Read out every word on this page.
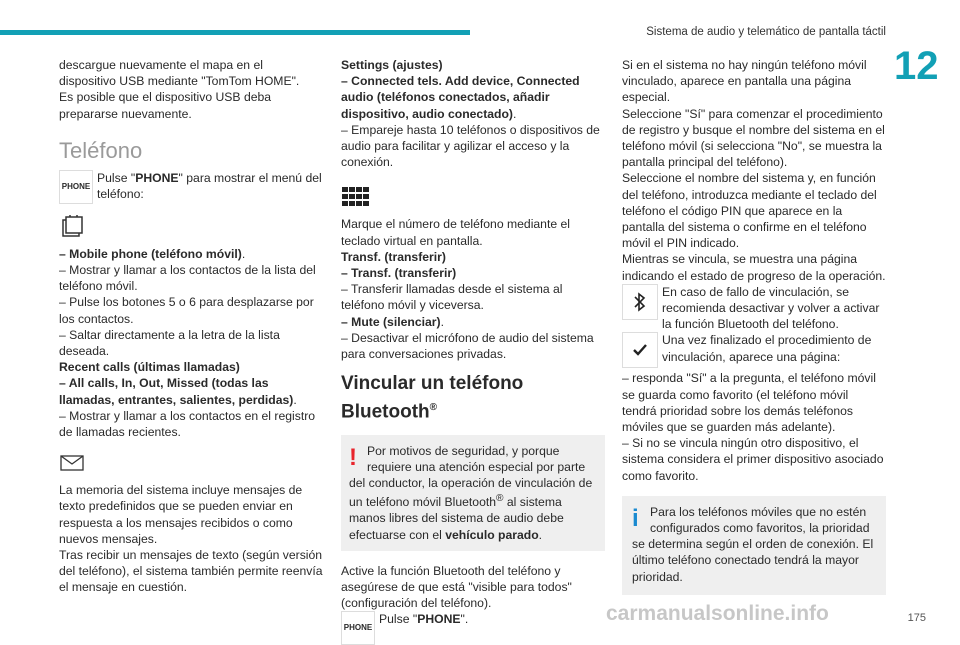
Sistema de audio y telemático de pantalla táctil
12

descargue nuevamente el mapa en el dispositivo USB mediante "TomTom HOME".

Es posible que el dispositivo USB deba prepararse nuevamente.

Teléfono
PHONE

Pulse "PHONE" para mostrar el menú del teléfono:

– Mobile phone (teléfono móvil).

– Mostrar y llamar a los contactos de la lista del teléfono móvil.

– Pulse los botones 5 o 6 para desplazarse por los contactos.

– Saltar directamente a la letra de la lista deseada.

Recent calls (últimas llamadas)

– All calls, In, Out, Missed (todas las llamadas, entrantes, salientes, perdidas).

– Mostrar y llamar a los contactos en el registro de llamadas recientes.

La memoria del sistema incluye mensajes de texto predefinidos que se pueden enviar en respuesta a los mensajes recibidos o como nuevos mensajes.

Tras recibir un mensajes de texto (según versión del teléfono), el sistema también permite reenvía el mensaje en cuestión.

Settings (ajustes)

– Connected tels. Add device, Connected audio (teléfonos conectados, añadir dispositivo, audio conectado).

– Empareje hasta 10 teléfonos o dispositivos de audio para facilitar y agilizar el acceso y la conexión.

Marque el número de teléfono mediante el teclado virtual en pantalla.

Transf. (transferir)

– Transf. (transferir)

– Transferir llamadas desde el sistema al teléfono móvil y viceversa.

– Mute (silenciar).

– Desactivar el micrófono de audio del sistema para conversaciones privadas.

Vincular un teléfono Bluetooth®
! Por motivos de seguridad, y porque requiere una atención especial por parte del conductor, la operación de vinculación de un teléfono móvil Bluetooth® al sistema manos libres del sistema de audio debe efectuarse con el vehículo parado.

Active la función Bluetooth del teléfono y asegúrese de que está "visible para todos" (configuración del teléfono).

PHONE

Pulse "PHONE".

Si en el sistema no hay ningún teléfono móvil vinculado, aparece en pantalla una página especial.

Seleccione "Sí" para comenzar el procedimiento de registro y busque el nombre del sistema en el teléfono móvil (si selecciona "No", se muestra la pantalla principal del teléfono).

Seleccione el nombre del sistema y, en función del teléfono, introduzca mediante el teclado del teléfono el código PIN que aparece en la pantalla del sistema o confirme en el teléfono móvil el PIN indicado.

Mientras se vincula, se muestra una página indicando el estado de progreso de la operación.

En caso de fallo de vinculación, se recomienda desactivar y volver a activar la función Bluetooth del teléfono.

Una vez finalizado el procedimiento de vinculación, aparece una página:

– responda "Sí" a la pregunta, el teléfono móvil se guarda como favorito (el teléfono móvil tendrá prioridad sobre los demás teléfonos móviles que se guarden más adelante).

– Si no se vincula ningún otro dispositivo, el sistema considera el primer dispositivo asociado como favorito.

i Para los teléfonos móviles que no estén configurados como favoritos, la prioridad se determina según el orden de conexión. El último teléfono conectado tendrá la mayor prioridad.

carmanualsonline.info	175
